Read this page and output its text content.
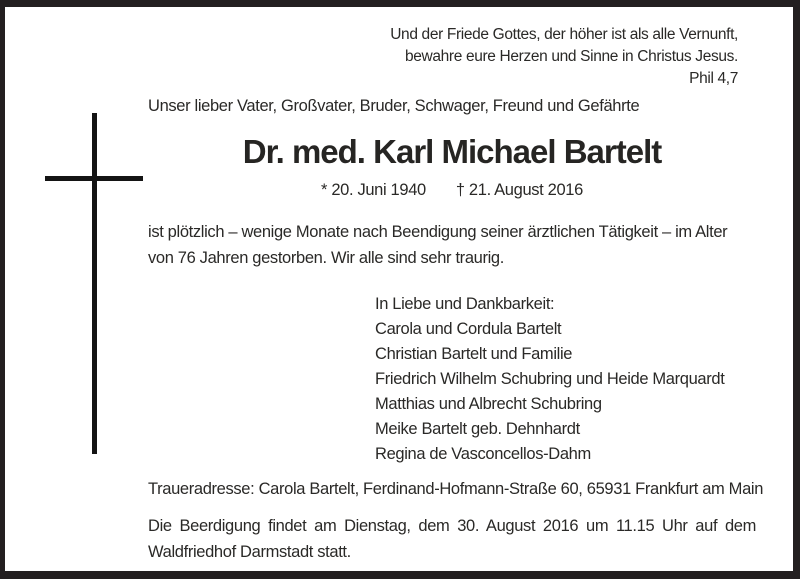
Und der Friede Gottes, der höher ist als alle Vernunft,
bewahre eure Herzen und Sinne in Christus Jesus.
Phil 4,7
Unser lieber Vater, Großvater, Bruder, Schwager, Freund und Gefährte
Dr. med. Karl Michael Bartelt
* 20. Juni 1940 † 21. August 2016
ist plötzlich – wenige Monate nach Beendigung seiner ärztlichen Tätigkeit – im Alter
von 76 Jahren gestorben. Wir alle sind sehr traurig.
In Liebe und Dankbarkeit:
Carola und Cordula Bartelt
Christian Bartelt und Familie
Friedrich Wilhelm Schubring und Heide Marquardt
Matthias und Albrecht Schubring
Meike Bartelt geb. Dehnhardt
Regina de Vasconcellos-Dahm
Traueradresse: Carola Bartelt, Ferdinand-Hofmann-Straße 60, 65931 Frankfurt am Main
Die Beerdigung findet am Dienstag, dem 30. August 2016 um 11.15 Uhr auf dem
Waldfriedhof Darmstadt statt.
